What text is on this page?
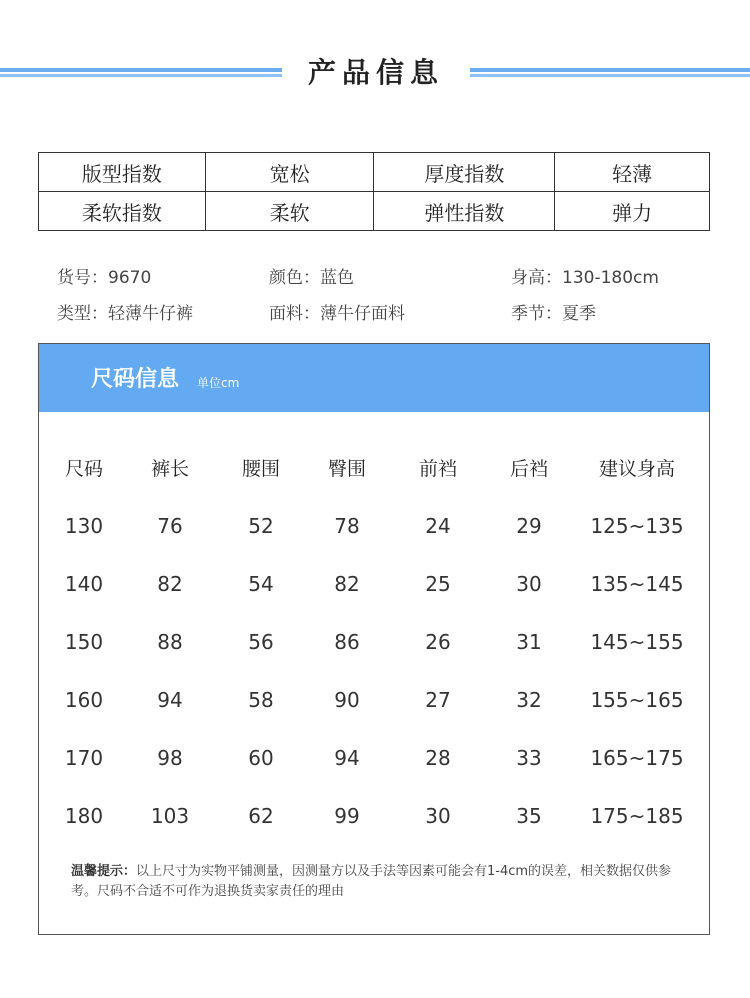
产品信息
版型指数	宽松	厚度指数	轻薄
柔软指数	柔软	弹性指数	弹力
货号：9670	颜色：蓝色	身高：130-180cm
类型：轻薄牛仔裤	面料：薄牛仔面料	季节：夏季
尺码信息 单位cm
尺码	裤长	腰围	臀围	前裆	后裆	建议身高
130	76	52	78	24	29	125~135
140	82	54	82	25	30	135~145
150	88	56	86	26	31	145~155
160	94	58	90	27	32	155~165
170	98	60	94	28	33	165~175
180	103	62	99	30	35	175~185
温馨提示：以上尺寸为实物平铺测量，因测量方以及手法等因素可能会有1-4cm的误差，相关数据仅供参考。尺码不合适不可作为退换货卖家责任的理由
